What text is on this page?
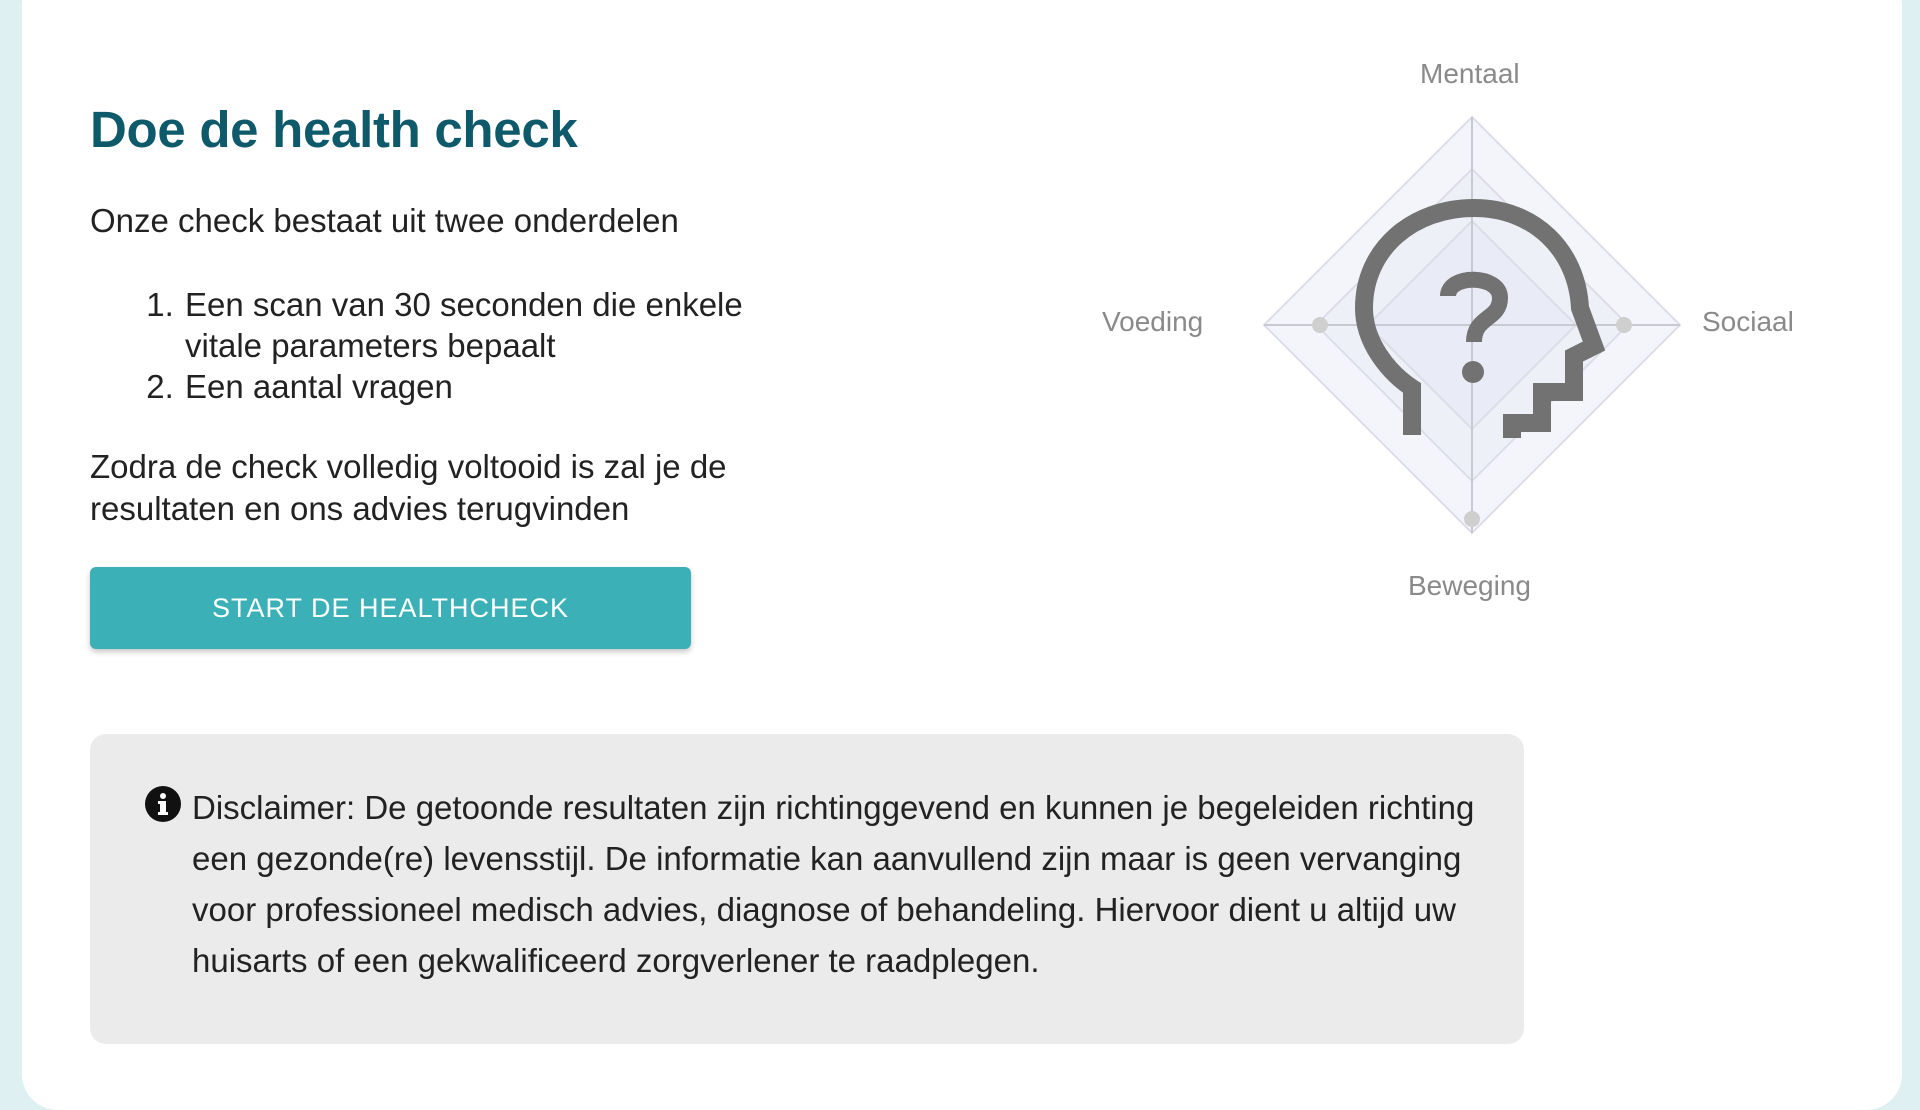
Doe de health check

Onze check bestaat uit twee onderdelen

1. Een scan van 30 seconden die enkele vitale parameters bepaalt
2. Een aantal vragen

Zodra de check volledig voltooid is zal je de resultaten en ons advies terugvinden

START DE HEALTHCHECK
Mentaal
Sociaal
Beweging
Voeding

Disclaimer: De getoonde resultaten zijn richtinggevend en kunnen je begeleiden richting een gezonde(re) levensstijl. De informatie kan aanvullend zijn maar is geen vervanging voor professioneel medisch advies, diagnose of behandeling. Hiervoor dient u altijd uw huisarts of een gekwalificeerd zorgverlener te raadplegen.
